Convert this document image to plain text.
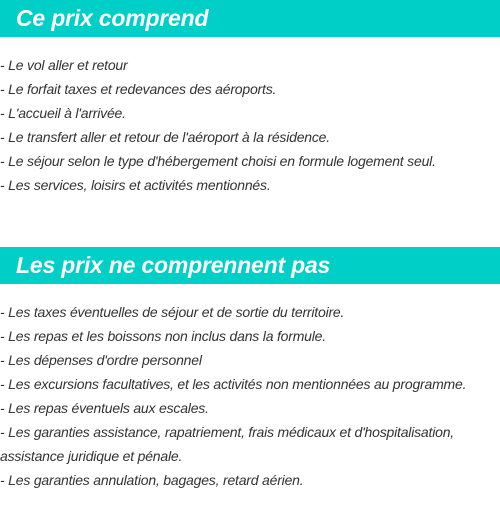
Ce prix comprend
- Le vol aller et retour
- Le forfait taxes et redevances des aéroports.
- L'accueil à l'arrivée.
- Le transfert aller et retour de l'aéroport à la résidence.
- Le séjour selon le type d'hébergement choisi en formule logement seul.
- Les services, loisirs et activités mentionnés.
Les prix ne comprennent pas
- Les taxes éventuelles de séjour et de sortie du territoire.
- Les repas et les boissons non inclus dans la formule.
- Les dépenses d'ordre personnel
- Les excursions facultatives, et les activités non mentionnées au programme.
- Les repas éventuels aux escales.
- Les garanties assistance, rapatriement, frais médicaux et d'hospitalisation,
assistance juridique et pénale.
- Les garanties annulation, bagages, retard aérien.
